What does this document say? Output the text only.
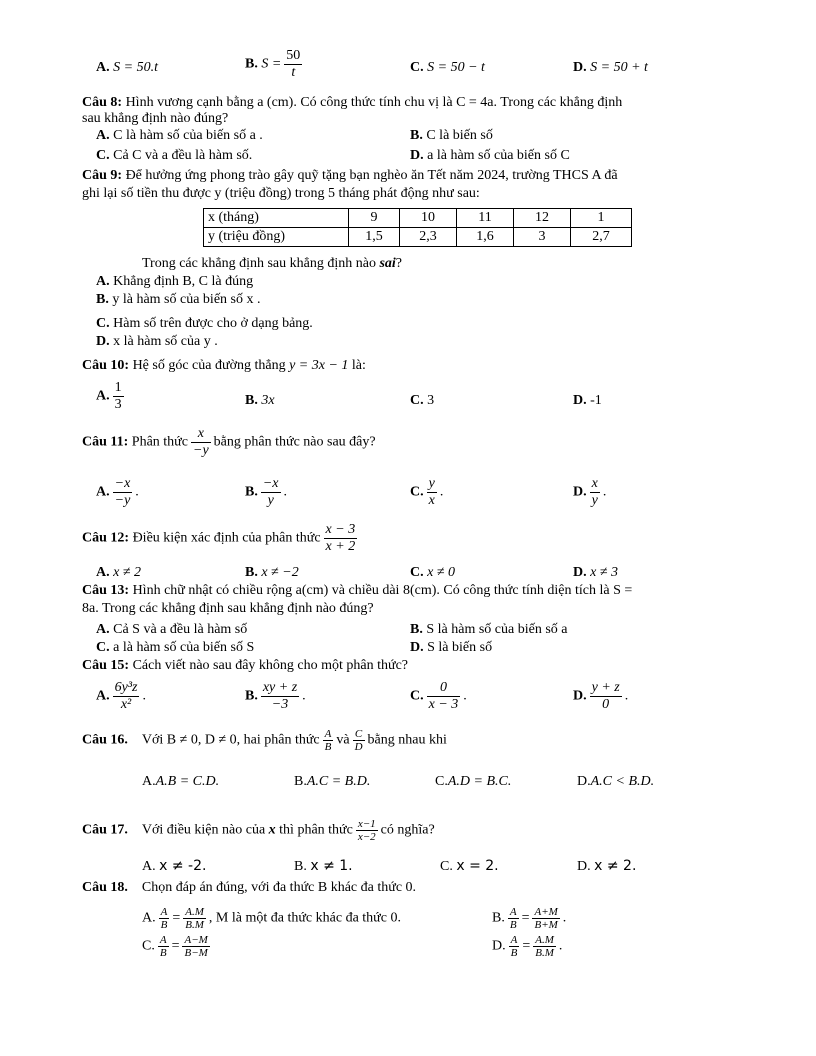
A. S = 50.t	B. $S = \frac{50}{t}$	C. S = 50 − t	D. S = 50 + t
Câu 8: Hình vương cạnh bằng a (cm). Có công thức tính chu vị là C = 4a. Trong các khẳng định
sau khẳng định nào đúng?
A. C là hàm số của biến số a .	B. C là biến số
C. Cả C và a đều là hàm số.	D. a là hàm số của biến số C
Câu 9: Để hưởng ứng phong trào gây quỹ tặng bạn nghèo ăn Tết năm 2024, trường THCS A đã
ghi lại số tiền thu được y (triệu đồng) trong 5 tháng phát động như sau:
x (tháng)	9	10	11	12	1
y (triệu đồng)	1,5	2,3	1,6	3	2,7
Trong các khẳng định sau khẳng định nào sai?
A. Khẳng định B, C là đúng
B. y là hàm số của biến số x .
C. Hàm số trên được cho ở dạng bảng.
D. x là hàm số của y .
Câu 10: Hệ số góc của đường thẳng y = 3x − 1 là:
A. $\frac{1}{3}$	B. 3x	C. 3	D. -1
Câu 11: Phân thức $\frac{x}{-y}$ bằng phân thức nào sau đây?
A. $\frac{-x}{-y}$ .	B. $\frac{-x}{y}$ .	C. $\frac{y}{x}$ .	D. $\frac{x}{y}$ .
Câu 12: Điều kiện xác định của phân thức $\frac{x - 3}{x + 2}$
A. x ≠ 2	B. x ≠ −2	C. x ≠ 0	D. x ≠ 3
Câu 13: Hình chữ nhật có chiều rộng a(cm) và chiều dài 8(cm). Có công thức tính diện tích là S =
8a. Trong các khẳng định sau khẳng định nào đúng?
A. Cả S và a đều là hàm số	B. S là hàm số của biến số a
C. a là hàm số của biến số S	D. S là biến số
Câu 15: Cách viết nào sau đây không cho một phân thức?
A. $\frac{\text{6y³z}}{\text{x²}}$ .	B. $\frac{xy + z}{-3}$ .	C. $\frac{0}{x - 3}$ .	D. $\frac{y + z}{0}$ .
Câu 16. Với B ≠ 0, D ≠ 0, hai phân thức $\frac{A}{B}$ và $\frac{C}{D}$ bằng nhau khi
A.A.B = C.D.	B.A.C = B.D.	C.A.D = B.C.	D.A.C < B.D.
Câu 17. Với điều kiện nào của x thì phân thức $\frac{x-1}{x-2}$ có nghĩa?
A. x ≠ -2.	B. x ≠ 1.	C. x = 2.	D. x ≠ 2.
Câu 18. Chọn đáp án đúng, với đa thức B khác đa thức 0.
A. $\frac{A}{B} = \frac{A.M}{B.M}$ , M là một đa thức khác đa thức 0.	B. $\frac{A}{B} = \frac{A+M}{B+M}$ .
C. $\frac{A}{B} = \frac{A-M}{B-M}$	D. $\frac{A}{B} = \frac{A.M}{B.M}$ .
